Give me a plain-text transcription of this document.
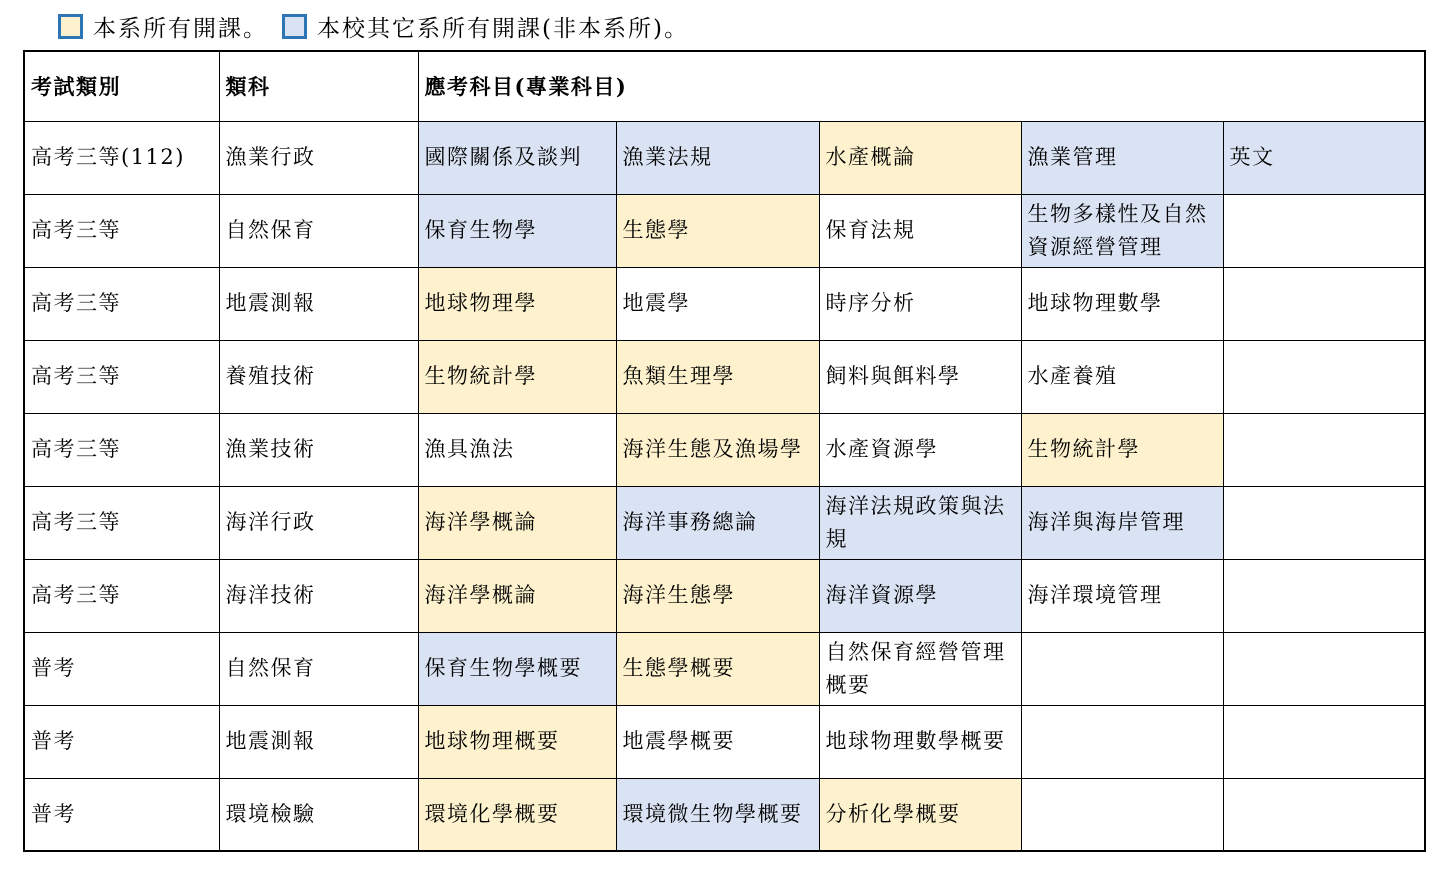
本系所有開課。 本校其它系所有開課(非本系所)。
考試類別	類科	應考科目(專業科目)				
高考三等(112)	漁業行政	國際關係及談判	漁業法規	水產概論	漁業管理	英文
高考三等	自然保育	保育生物學	生態學	保育法規	生物多樣性及自然資源經營管理	
高考三等	地震測報	地球物理學	地震學	時序分析	地球物理數學	
高考三等	養殖技術	生物統計學	魚類生理學	飼料與餌料學	水產養殖	
高考三等	漁業技術	漁具漁法	海洋生態及漁場學	水產資源學	生物統計學	
高考三等	海洋行政	海洋學概論	海洋事務總論	海洋法規政策與法規	海洋與海岸管理	
高考三等	海洋技術	海洋學概論	海洋生態學	海洋資源學	海洋環境管理	
普考	自然保育	保育生物學概要	生態學概要	自然保育經營管理概要		
普考	地震測報	地球物理概要	地震學概要	地球物理數學概要		
普考	環境檢驗	環境化學概要	環境微生物學概要	分析化學概要		
